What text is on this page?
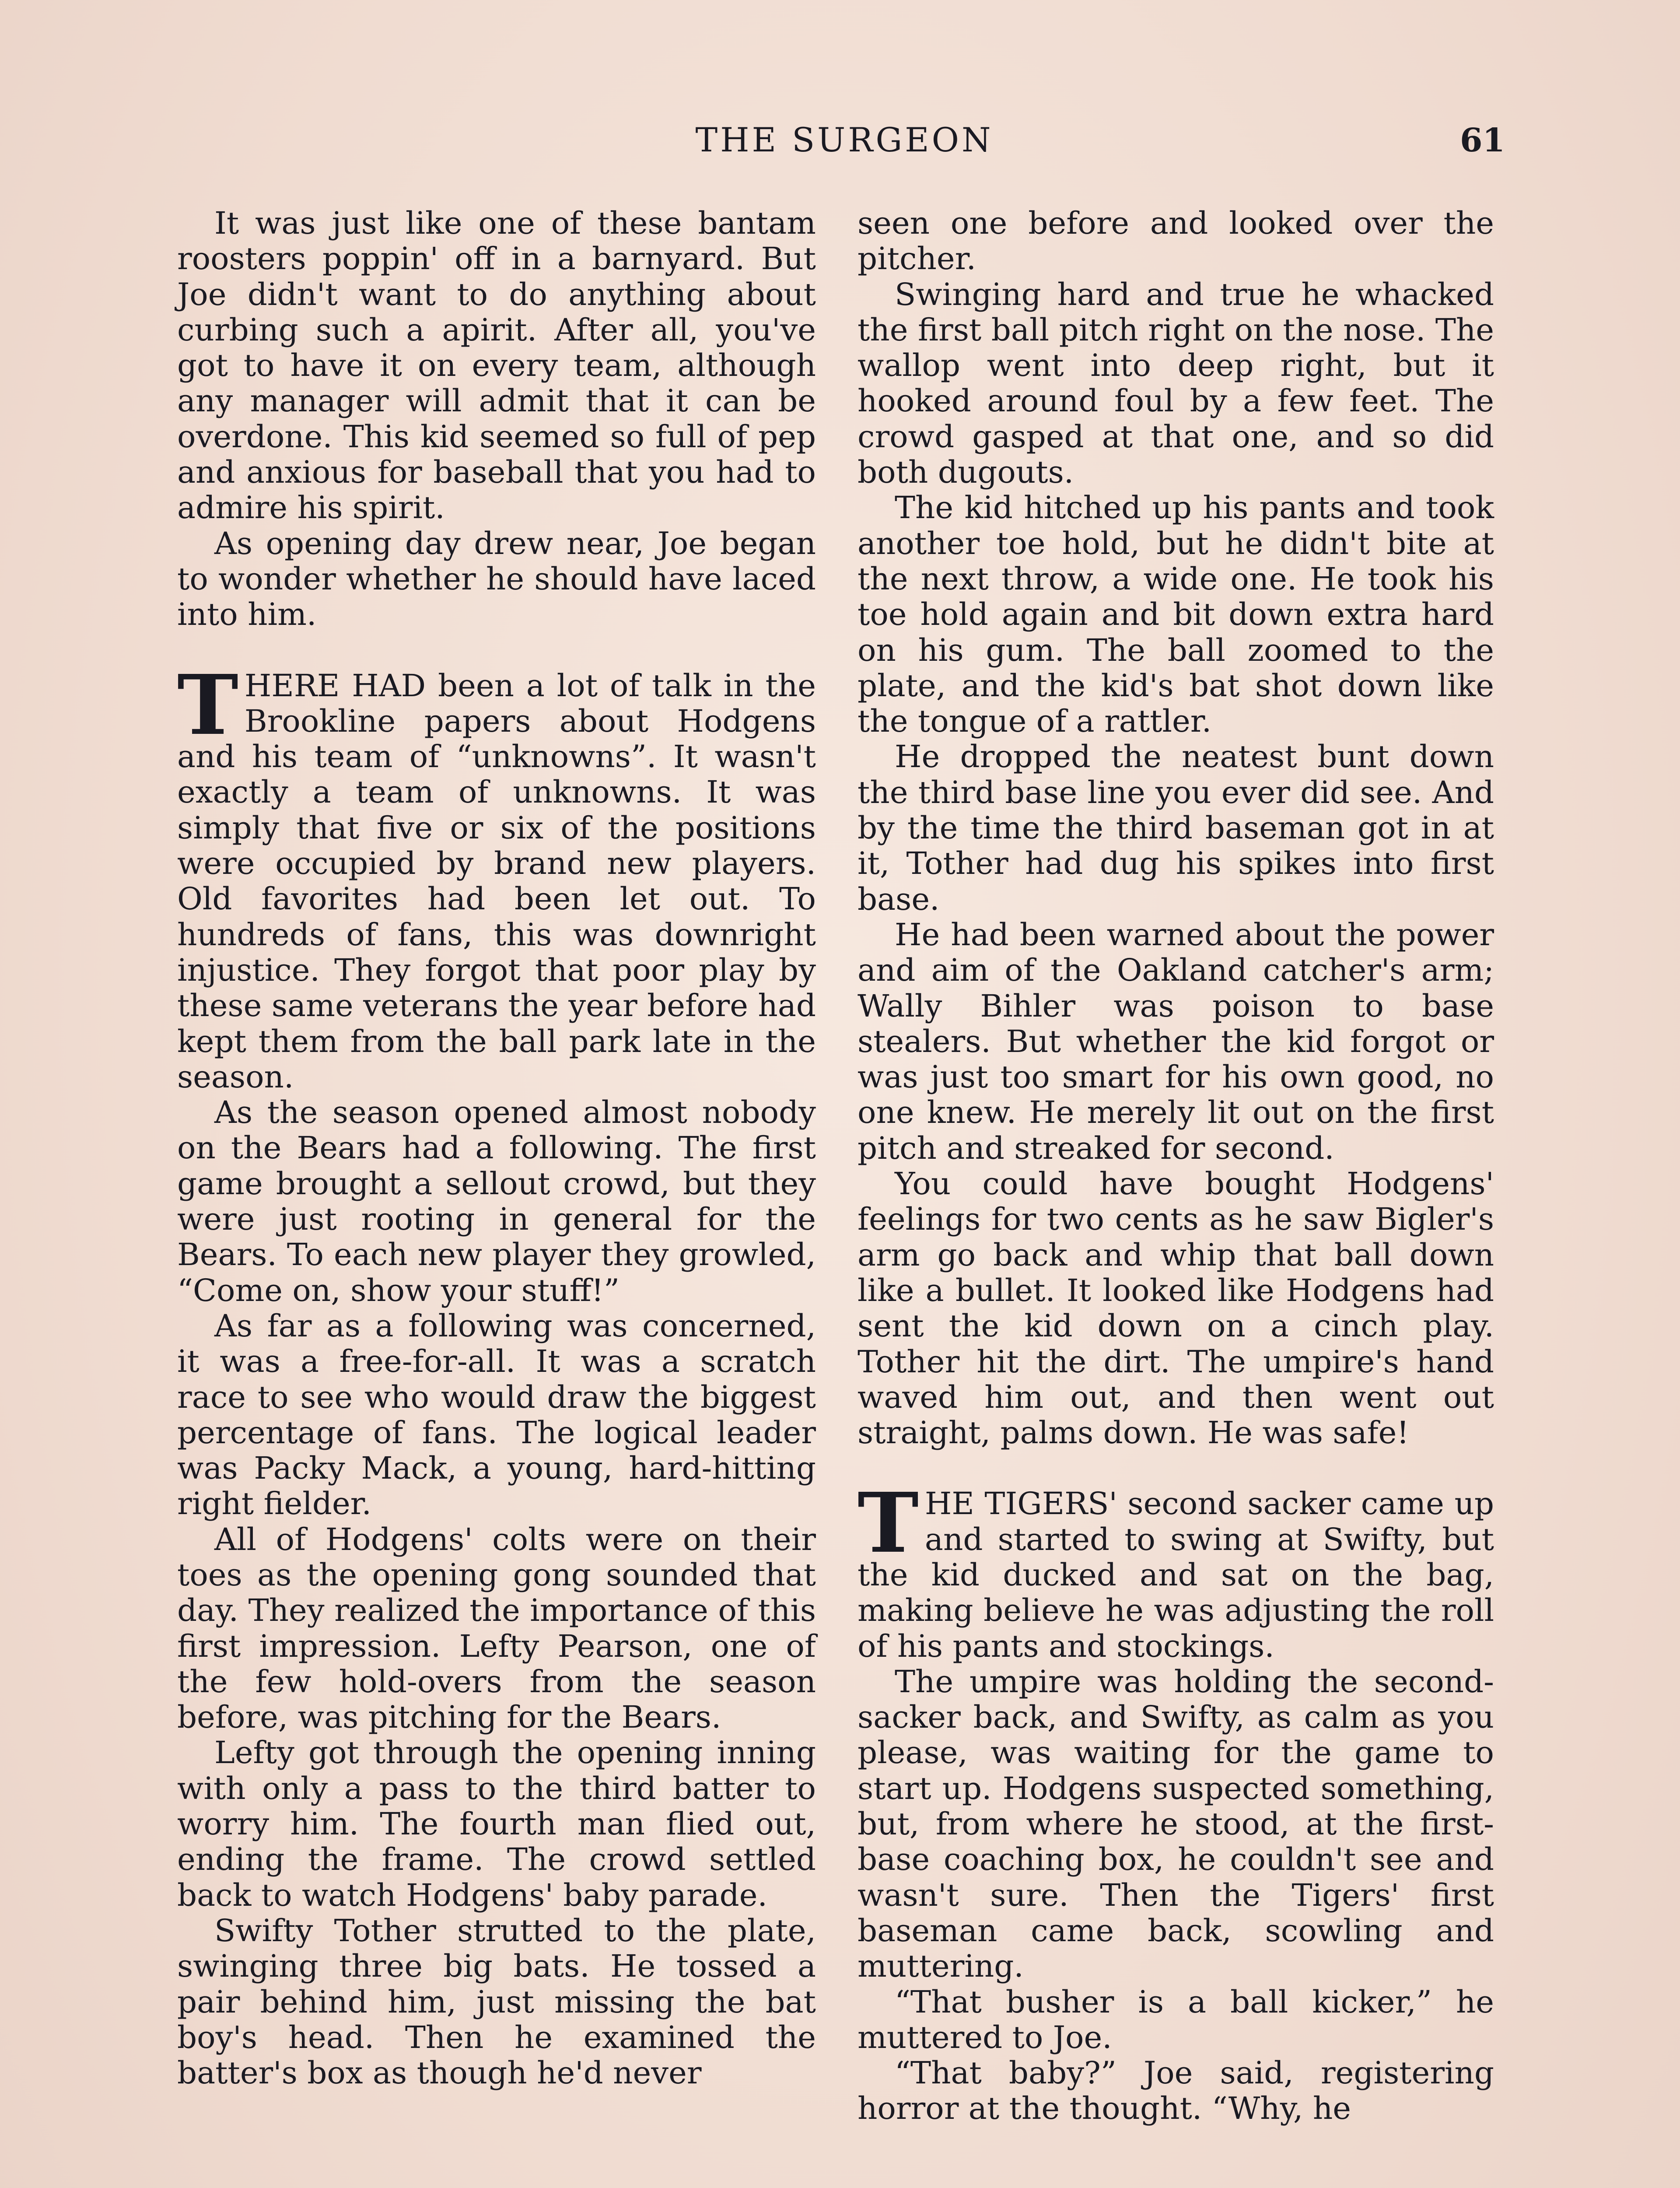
THE SURGEON	61

It was just like one of these bantam roosters poppin' off in a barnyard. But Joe didn't want to do anything about curbing such a apirit. After all, you've got to have it on every team, although any manager will admit that it can be overdone. This kid seemed so full of pep and anxious for baseball that you had to admire his spirit.

As opening day drew near, Joe began to wonder whether he should have laced into him.

THERE HAD been a lot of talk in the Brookline papers about Hodgens and his team of “unknowns”. It wasn't exactly a team of unknowns. It was simply that five or six of the positions were occupied by brand new players. Old favorites had been let out. To hundreds of fans, this was downright injustice. They forgot that poor play by these same veterans the year before had kept them from the ball park late in the season.

As the season opened almost nobody on the Bears had a following. The first game brought a sellout crowd, but they were just rooting in general for the Bears. To each new player they growled, “Come on, show your stuff!”

As far as a following was concerned, it was a free-for-all. It was a scratch race to see who would draw the biggest percentage of fans. The logical leader was Packy Mack, a young, hard-hitting right fielder.

All of Hodgens' colts were on their toes as the opening gong sounded that day. They realized the importance of this first impression. Lefty Pearson, one of the few hold-overs from the season before, was pitching for the Bears.

Lefty got through the opening inning with only a pass to the third batter to worry him. The fourth man flied out, ending the frame. The crowd settled back to watch Hodgens' baby parade.

Swifty Tother strutted to the plate, swinging three big bats. He tossed a pair behind him, just missing the bat boy's head. Then he examined the batter's box as though he'd never

seen one before and looked over the pitcher.

Swinging hard and true he whacked the first ball pitch right on the nose. The wallop went into deep right, but it hooked around foul by a few feet. The crowd gasped at that one, and so did both dugouts.

The kid hitched up his pants and took another toe hold, but he didn't bite at the next throw, a wide one. He took his toe hold again and bit down extra hard on his gum. The ball zoomed to the plate, and the kid's bat shot down like the tongue of a rattler.

He dropped the neatest bunt down the third base line you ever did see. And by the time the third baseman got in at it, Tother had dug his spikes into first base.

He had been warned about the power and aim of the Oakland catcher's arm; Wally Bihler was poison to base stealers. But whether the kid forgot or was just too smart for his own good, no one knew. He merely lit out on the first pitch and streaked for second.

You could have bought Hodgens' feelings for two cents as he saw Bigler's arm go back and whip that ball down like a bullet. It looked like Hodgens had sent the kid down on a cinch play. Tother hit the dirt. The umpire's hand waved him out, and then went out straight, palms down. He was safe!

THE TIGERS' second sacker came up and started to swing at Swifty, but the kid ducked and sat on the bag, making believe he was adjusting the roll of his pants and stockings.

The umpire was holding the second-sacker back, and Swifty, as calm as you please, was waiting for the game to start up. Hodgens suspected something, but, from where he stood, at the first-base coaching box, he couldn't see and wasn't sure. Then the Tigers' first baseman came back, scowling and muttering.

“That busher is a ball kicker,” he muttered to Joe.

“That baby?” Joe said, registering horror at the thought. “Why, he
